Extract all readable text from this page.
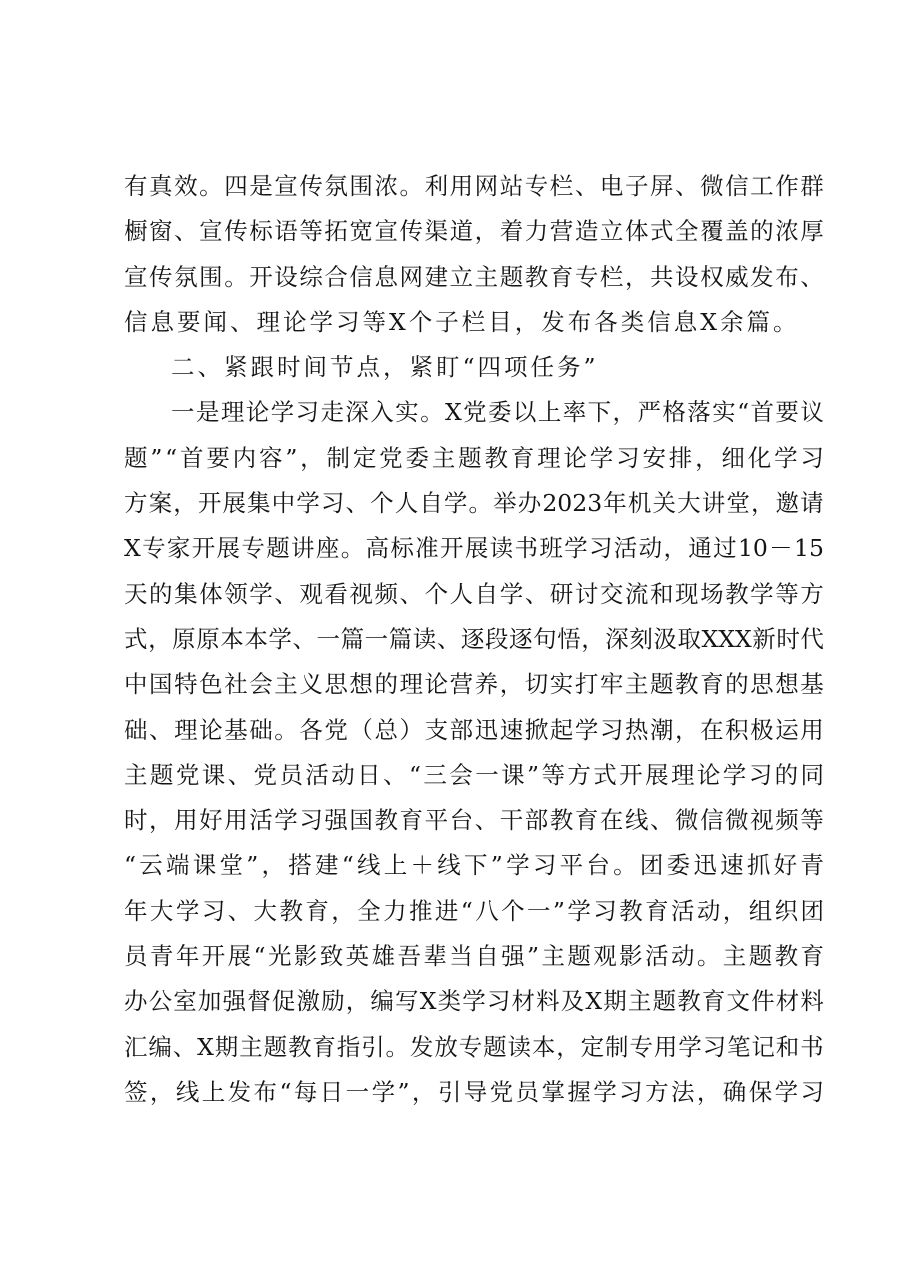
有 真 效 。 四 是 宣 传 氛 围 浓 。 利 用 网 站 专 栏 、 电 子 屏 、 微 信 工 作 群
橱 窗 、 宣 传 标 语 等 拓 宽 宣 传 渠 道 ， 着 力 营 造 立 体 式 全 覆 盖 的 浓 厚
宣 传 氛 围 。 开 设 综 合 信 息 网 建 立 主 题 教 育 专 栏 ， 共 设 权 威 发 布 、
信 息 要 闻 、 理 论 学 习 等 X 个 子 栏 目 ， 发 布 各 类 信 息 X 余 篇 。
二 、 紧 跟 时 间 节 点 ， 紧 盯 “ 四 项 任 务 ”
一 是 理 论 学 习 走 深 入 实 。 X 党 委 以 上 率 下 ， 严 格 落 实 “ 首 要 议
题 ” “ 首 要 内 容 ” ， 制 定 党 委 主 题 教 育 理 论 学 习 安 排 ， 细 化 学 习
方 案 ， 开 展 集 中 学 习 、 个 人 自 学 。 举 办 2023 年 机 关 大 讲 堂 ， 邀 请
X 专 家 开 展 专 题 讲 座 。 高 标 准 开 展 读 书 班 学 习 活 动 ， 通 过 10 － 15
天 的 集 体 领 学 、 观 看 视 频 、 个 人 自 学 、 研 讨 交 流 和 现 场 教 学 等 方
式 ， 原 原 本 本 学 、 一 篇 一 篇 读 、 逐 段 逐 句 悟 ， 深 刻 汲 取 XXX 新 时 代
中 国 特 色 社 会 主 义 思 想 的 理 论 营 养 ， 切 实 打 牢 主 题 教 育 的 思 想 基
础 、 理 论 基 础 。 各 党 （ 总 ） 支 部 迅 速 掀 起 学 习 热 潮 ， 在 积 极 运 用
主 题 党 课 、 党 员 活 动 日 、 “ 三 会 一 课 ” 等 方 式 开 展 理 论 学 习 的 同
时 ， 用 好 用 活 学 习 强 国 教 育 平 台 、 干 部 教 育 在 线 、 微 信 微 视 频 等
“ 云 端 课 堂 ” ， 搭 建 “ 线 上 ＋ 线 下 ” 学 习 平 台 。 团 委 迅 速 抓 好 青
年 大 学 习 、 大 教 育 ， 全 力 推 进 “ 八 个 一 ” 学 习 教 育 活 动 ， 组 织 团
员 青 年 开 展 “ 光 影 致 英 雄 吾 辈 当 自 强 ” 主 题 观 影 活 动 。 主 题 教 育
办 公 室 加 强 督 促 激 励 ， 编 写 X 类 学 习 材 料 及 X 期 主 题 教 育 文 件 材 料
汇 编 、 X 期 主 题 教 育 指 引 。 发 放 专 题 读 本 ， 定 制 专 用 学 习 笔 记 和 书
签 ， 线 上 发 布 “ 每 日 一 学 ” ， 引 导 党 员 掌 握 学 习 方 法 ， 确 保 学 习
